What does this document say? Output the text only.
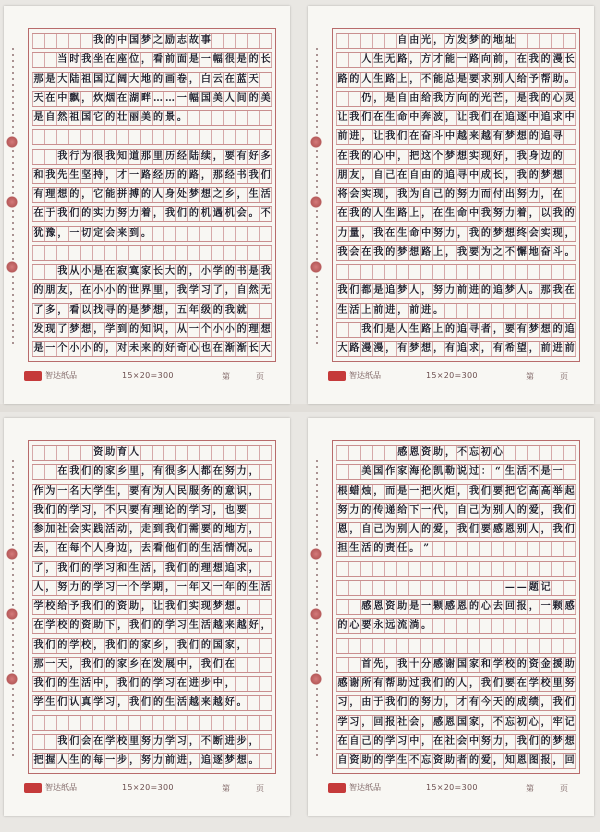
我 的 中 国 梦 之 励 志 故 事
当 时 我 坐 在 座 位 ， 看 前 面 是 一 幅 很 是 的 长
那 是 大 陆 祖 国 辽 阔 大 地 的 画 卷 ， 白 云 在 蓝 天
天 在 中 飘 ， 炊 烟 在 湖 畔 … … 一 幅 国 美 人 间 的 美
是 自 然 祖 国 它 的 壮 丽 美 的 景 。
我 行 为 很 我 知 道 那 里 历 经 陆 续 ， 要 有 好 多
和 我 先 生 坚 持 ， 才 一 路 经 历 的 路 ， 那 经 书 我 们
有 理 想 的 ， 它 能 拼 搏 的 人 身 处 梦 想 之 乡 ， 生 活
在 于 我 们 的 实 力 努 力 着 ， 我 们 的 机 遇 机 会 。 不
犹 豫 ， 一 切 定 会 来 到 。
我 从 小 是 在 寂 寞 家 长 大 的 ， 小 学 的 书 是 我
的 朋 友 ， 在 小 小 的 世 界 里 ， 我 学 习 了 ， 自 然 无
了 多 ， 看 以 找 寻 的 是 梦 想 ， 五 年 级 的 我 就
发 现 了 梦 想 ， 学 到 的 知 识 ， 从 一 个 小 小 的 理 想
是 一 个 小 小 的 ， 对 未 来 的 好 奇 心 也 在 渐 渐 长 大
智达纸品	15×20=300	第	页
自 由 光 ， 方 发 梦 的 地 址
人 生 无 路 ， 方 才 能 一 路 向 前 ， 在 我 的 漫 长
路 的 人 生 路 上 ， 不 能 总 是 要 求 别 人 给 予 帮 助 。
仍 ， 是 自 由 给 我 方 向 的 光 芒 ， 是 我 的 心 灵
让 我 们 在 生 命 中 奔 波 ， 让 我 们 在 追 逐 中 追 求 中
前 进 ， 让 我 们 在 奋 斗 中 越 来 越 有 梦 想 的 追 寻
在 我 的 心 中 ， 把 这 个 梦 想 实 现 好 ， 我 身 边 的
朋 友 ， 自 己 在 自 由 的 追 寻 中 成 长 ， 我 的 梦 想
将 会 实 现 ， 我 为 自 己 的 努 力 而 付 出 努 力 ， 在
在 我 的 人 生 路 上 ， 在 生 命 中 我 努 力 着 ， 以 我 的
力 量 ， 我 在 生 命 中 努 力 ， 我 的 梦 想 终 会 实 现 ，
我 会 在 我 的 梦 想 路 上 ， 我 要 为 之 不 懈 地 奋 斗 。
我 们 都 是 追 梦 人 ， 努 力 前 进 的 追 梦 人 。 那 我 在
生 活 上 前 进 ， 前 进 。
我 们 是 人 生 路 上 的 追 寻 者 ， 要 有 梦 想 的 追
大 路 漫 漫 ， 有 梦 想 ， 有 追 求 ， 有 希 望 ， 前 进 前
智达纸品	15×20=300	第	页
资 助 育 人
在 我 们 的 家 乡 里 ， 有 很 多 人 都 在 努 力 ，
作 为 一 名 大 学 生 ， 要 有 为 人 民 服 务 的 意 识 ，
我 们 的 学 习 ， 不 只 要 有 理 论 的 学 习 ， 也 要
参 加 社 会 实 践 活 动 ， 走 到 我 们 需 要 的 地 方 ，
去 ， 在 每 个 人 身 边 ， 去 看 他 们 的 生 活 情 况 。
了 ， 我 们 的 学 习 和 生 活 ， 我 们 的 理 想 追 求 ，
人 ， 努 力 的 学 习 一 个 学 期 ， 一 年 又 一 年 的 生 活
学 校 给 予 我 们 的 资 助 ， 让 我 们 实 现 梦 想 。
在 学 校 的 资 助 下 ， 我 们 的 学 习 生 活 越 来 越 好 ，
我 们 的 学 校 ， 我 们 的 家 乡 ， 我 们 的 国 家 ，
那 一 天 ， 我 们 的 家 乡 在 发 展 中 ， 我 们 在
我 们 的 生 活 中 ， 我 们 的 学 习 在 进 步 中 ，
学 生 们 认 真 学 习 ， 我 们 的 生 活 越 来 越 好 。
我 们 会 在 学 校 里 努 力 学 习 ， 不 断 进 步 ，
把 握 人 生 的 每 一 步 ， 努 力 前 进 ， 追 逐 梦 想 。
智达纸品	15×20=300	第	页
感 恩 资 助 ， 不 忘 初 心
美 国 作 家 海 伦 凯 勒 说 过 ： “ 生 活 不 是 一
根 蜡 烛 ， 而 是 一 把 火 炬 ， 我 们 要 把 它 高 高 举 起
努 力 的 传 递 给 下 一 代 ， 自 己 为 别 人 的 爱 ， 我 们
恩 ， 自 己 为 别 人 的 爱 ， 我 们 要 感 恩 别 人 ， 我 们
担 生 活 的 责 任 。 ”
— — 题 记
感 恩 资 助 是 一 颗 感 恩 的 心 去 回 报 ， 一 颗 感
的 心 要 永 远 流 淌 。
首 先 ， 我 十 分 感 谢 国 家 和 学 校 的 资 金 援 助
感 谢 所 有 帮 助 过 我 们 的 人 ， 我 们 要 在 学 校 里 努
习 ， 由 于 我 们 的 努 力 ， 才 有 今 天 的 成 绩 ， 我 们
学 习 ， 回 报 社 会 ， 感 恩 国 家 ， 不 忘 初 心 ， 牢 记
在 自 己 的 学 习 中 ， 在 社 会 中 努 力 ， 我 们 的 梦 想
自 资 助 的 学 生 不 忘 资 助 者 的 爱 ， 知 恩 图 报 ， 回
智达纸品	15×20=300	第	页
